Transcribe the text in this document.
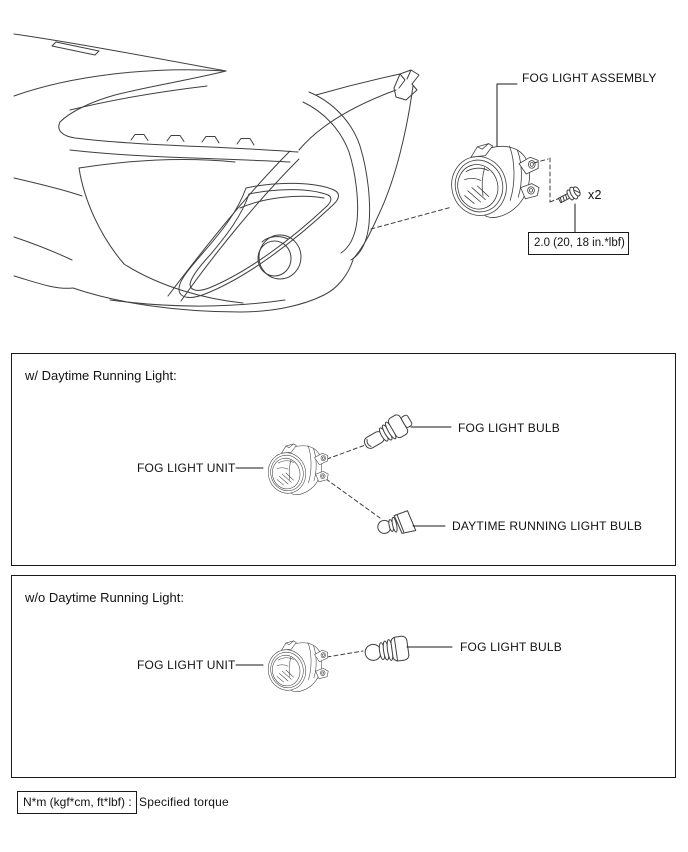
FOG LIGHT ASSEMBLY
x2
2.0 (20, 18 in.*lbf)
w/ Daytime Running Light:
FOG LIGHT UNIT
FOG LIGHT BULB
DAYTIME RUNNING LIGHT BULB
w/o Daytime Running Light:
FOG LIGHT UNIT
FOG LIGHT BULB
N*m (kgf*cm, ft*lbf) : Specified torque
